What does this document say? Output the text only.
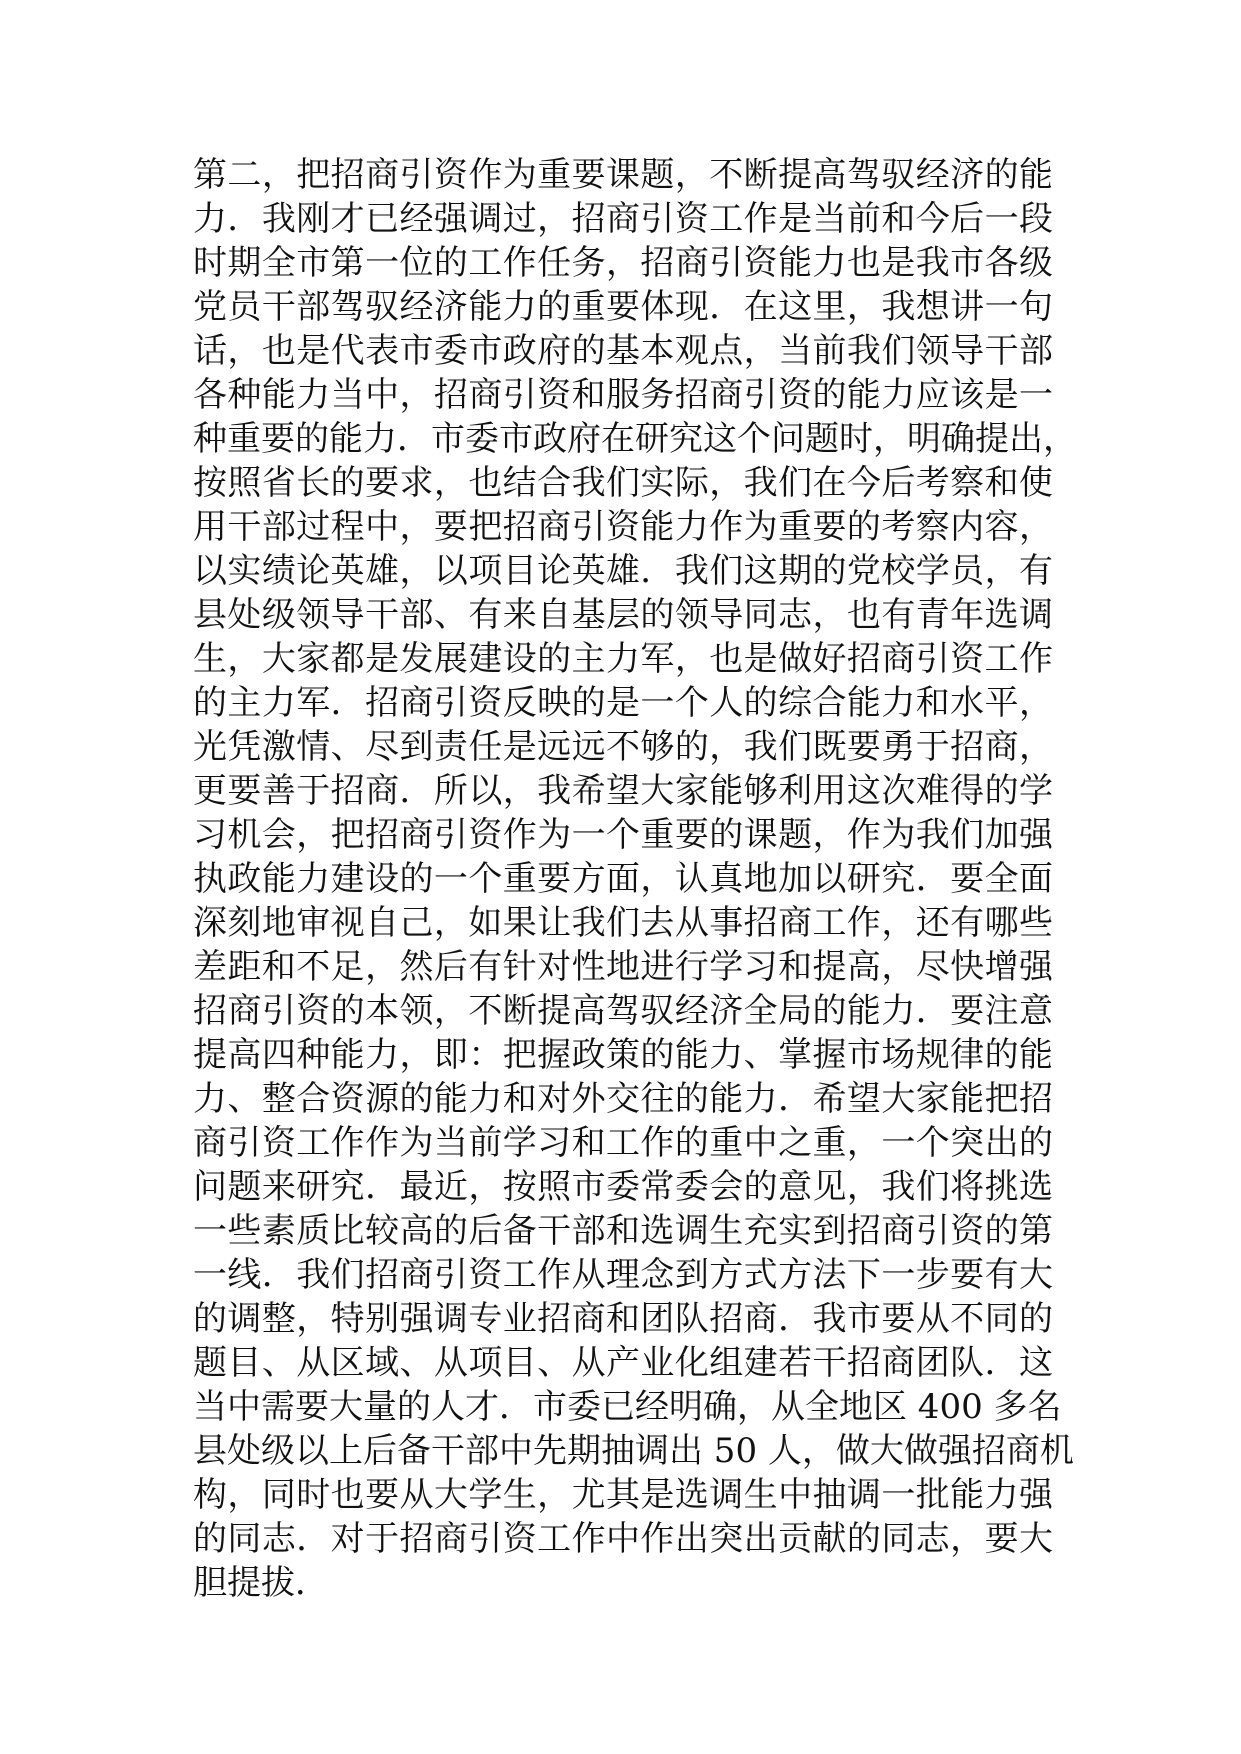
第二，把招商引资作为重要课题，不断提高驾驭经济的能
力．我刚才已经强调过，招商引资工作是当前和今后一段
时期全市第一位的工作任务，招商引资能力也是我市各级
党员干部驾驭经济能力的重要体现．在这里，我想讲一句
话，也是代表市委市政府的基本观点，当前我们领导干部
各种能力当中，招商引资和服务招商引资的能力应该是一
种重要的能力．市委市政府在研究这个问题时，明确提出，
按照省长的要求，也结合我们实际，我们在今后考察和使
用干部过程中，要把招商引资能力作为重要的考察内容，
以实绩论英雄，以项目论英雄．我们这期的党校学员，有
县处级领导干部、有来自基层的领导同志，也有青年选调
生，大家都是发展建设的主力军，也是做好招商引资工作
的主力军．招商引资反映的是一个人的综合能力和水平，
光凭激情、尽到责任是远远不够的，我们既要勇于招商，
更要善于招商．所以，我希望大家能够利用这次难得的学
习机会，把招商引资作为一个重要的课题，作为我们加强
执政能力建设的一个重要方面，认真地加以研究．要全面
深刻地审视自己，如果让我们去从事招商工作，还有哪些
差距和不足，然后有针对性地进行学习和提高，尽快增强
招商引资的本领，不断提高驾驭经济全局的能力．要注意
提高四种能力，即：把握政策的能力、掌握市场规律的能
力、整合资源的能力和对外交往的能力．希望大家能把招
商引资工作作为当前学习和工作的重中之重，一个突出的
问题来研究．最近，按照市委常委会的意见，我们将挑选
一些素质比较高的后备干部和选调生充实到招商引资的第
一线．我们招商引资工作从理念到方式方法下一步要有大
的调整，特别强调专业招商和团队招商．我市要从不同的
题目、从区域、从项目、从产业化组建若干招商团队．这
当中需要大量的人才．市委已经明确，从全地区 400 多名
县处级以上后备干部中先期抽调出 50 人，做大做强招商机
构，同时也要从大学生，尤其是选调生中抽调一批能力强
的同志．对于招商引资工作中作出突出贡献的同志，要大
胆提拔．
